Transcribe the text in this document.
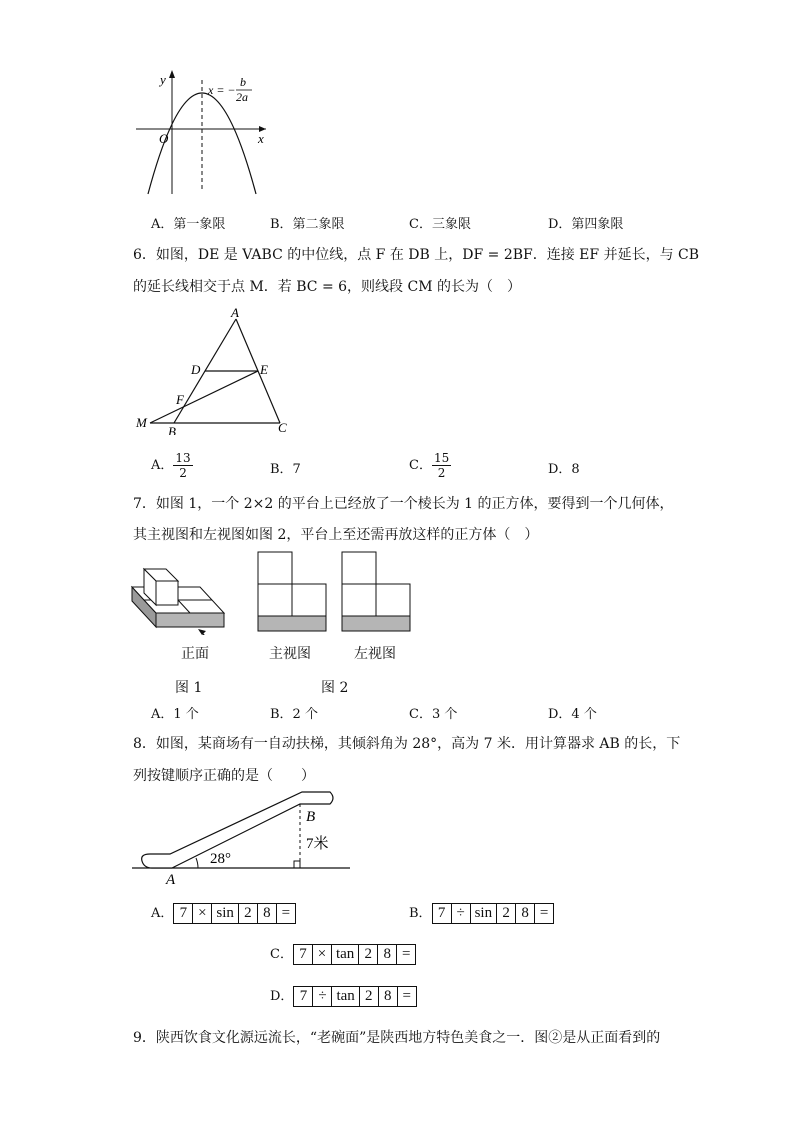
y
x
O
x = −
b
2a
A．第一象限	B．第二象限	C．三象限	D．第四象限
6．如图，DE 是 VABC 的中位线，点 F 在 DB 上，DF = 2BF．连接 EF 并延长，与 CB
的延长线相交于点 M．若 BC = 6，则线段 CM 的长为（　）
A
D	E
F
M
B	C
A． $\frac{13}{2}$	B．7	C． $\frac{15}{2}$	D．8
7．如图 1，一个 2×2 的平台上已经放了一个棱长为 1 的正方体，要得到一个几何体，
其主视图和左视图如图 2，平台上至还需再放这样的正方体（　）
正面	主视图	左视图
图 1	图 2
A．1 个	B．2 个	C．3 个	D．4 个
8．如图，某商场有一自动扶梯，其倾斜角为 28°，高为 7 米．用计算器求 AB 的长，下
列按键顺序正确的是（　　）
B
7米
28°
A
A． 7 × sin 2 8 =	B． 7 ÷ sin 2 8 =
C． 7 × tan 2 8 =
D． 7 ÷ tan 2 8 =
9．陕西饮食文化源远流长，“老碗面”是陕西地方特色美食之一．图②是从正面看到的
